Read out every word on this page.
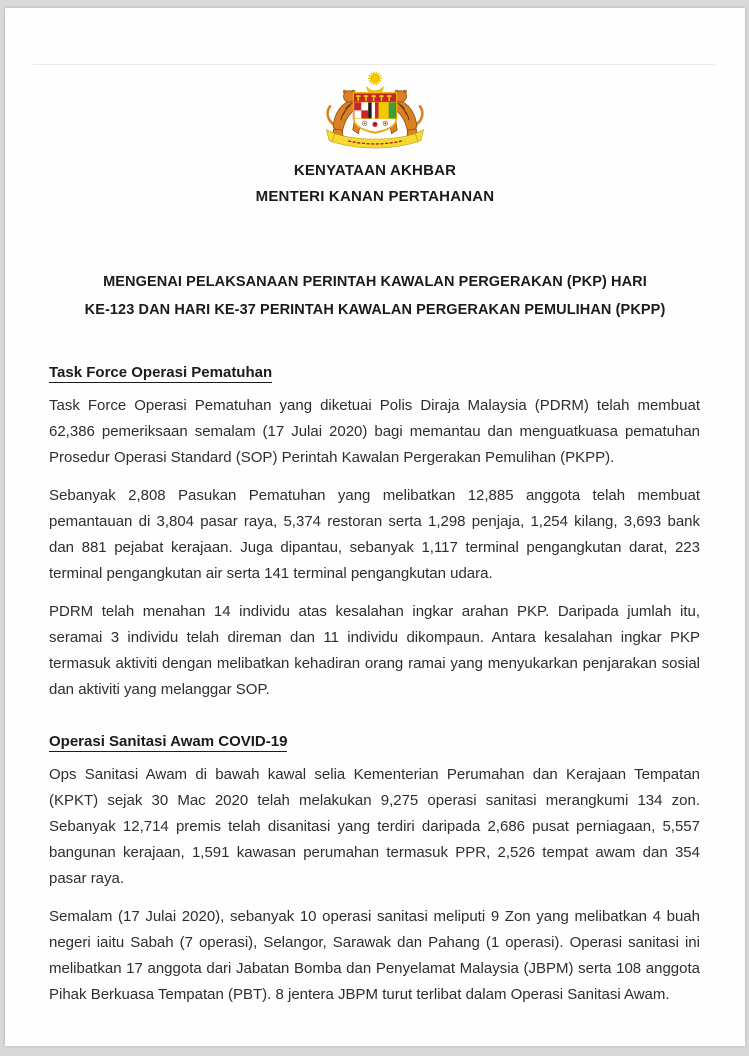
KENYATAAN AKHBAR
MENTERI KANAN PERTAHANAN
MENGENAI PELAKSANAAN PERINTAH KAWALAN PERGERAKAN (PKP) HARI
KE-123 DAN HARI KE-37 PERINTAH KAWALAN PERGERAKAN PEMULIHAN (PKPP)
Task Force Operasi Pematuhan

Task Force Operasi Pematuhan yang diketuai Polis Diraja Malaysia (PDRM) telah membuat 62,386 pemeriksaan semalam (17 Julai 2020) bagi memantau dan menguatkuasa pematuhan Prosedur Operasi Standard (SOP) Perintah Kawalan Pergerakan Pemulihan (PKPP).

Sebanyak 2,808 Pasukan Pematuhan yang melibatkan 12,885 anggota telah membuat pemantauan di 3,804 pasar raya, 5,374 restoran serta 1,298 penjaja, 1,254 kilang, 3,693 bank dan 881 pejabat kerajaan. Juga dipantau, sebanyak 1,117 terminal pengangkutan darat, 223 terminal pengangkutan air serta 141 terminal pengangkutan udara.

PDRM telah menahan 14 individu atas kesalahan ingkar arahan PKP. Daripada jumlah itu, seramai 3 individu telah direman dan 11 individu dikompaun. Antara kesalahan ingkar PKP termasuk aktiviti dengan melibatkan kehadiran orang ramai yang menyukarkan penjarakan sosial dan aktiviti yang melanggar SOP.

Operasi Sanitasi Awam COVID-19

Ops Sanitasi Awam di bawah kawal selia Kementerian Perumahan dan Kerajaan Tempatan (KPKT) sejak 30 Mac 2020 telah melakukan 9,275 operasi sanitasi merangkumi 134 zon. Sebanyak 12,714 premis telah disanitasi yang terdiri daripada 2,686 pusat perniagaan, 5,557 bangunan kerajaan, 1,591 kawasan perumahan termasuk PPR, 2,526 tempat awam dan 354 pasar raya.

Semalam (17 Julai 2020), sebanyak 10 operasi sanitasi meliputi 9 Zon yang melibatkan 4 buah negeri iaitu Sabah (7 operasi), Selangor, Sarawak dan Pahang (1 operasi). Operasi sanitasi ini melibatkan 17 anggota dari Jabatan Bomba dan Penyelamat Malaysia (JBPM) serta 108 anggota Pihak Berkuasa Tempatan (PBT). 8 jentera JBPM turut terlibat dalam Operasi Sanitasi Awam.
